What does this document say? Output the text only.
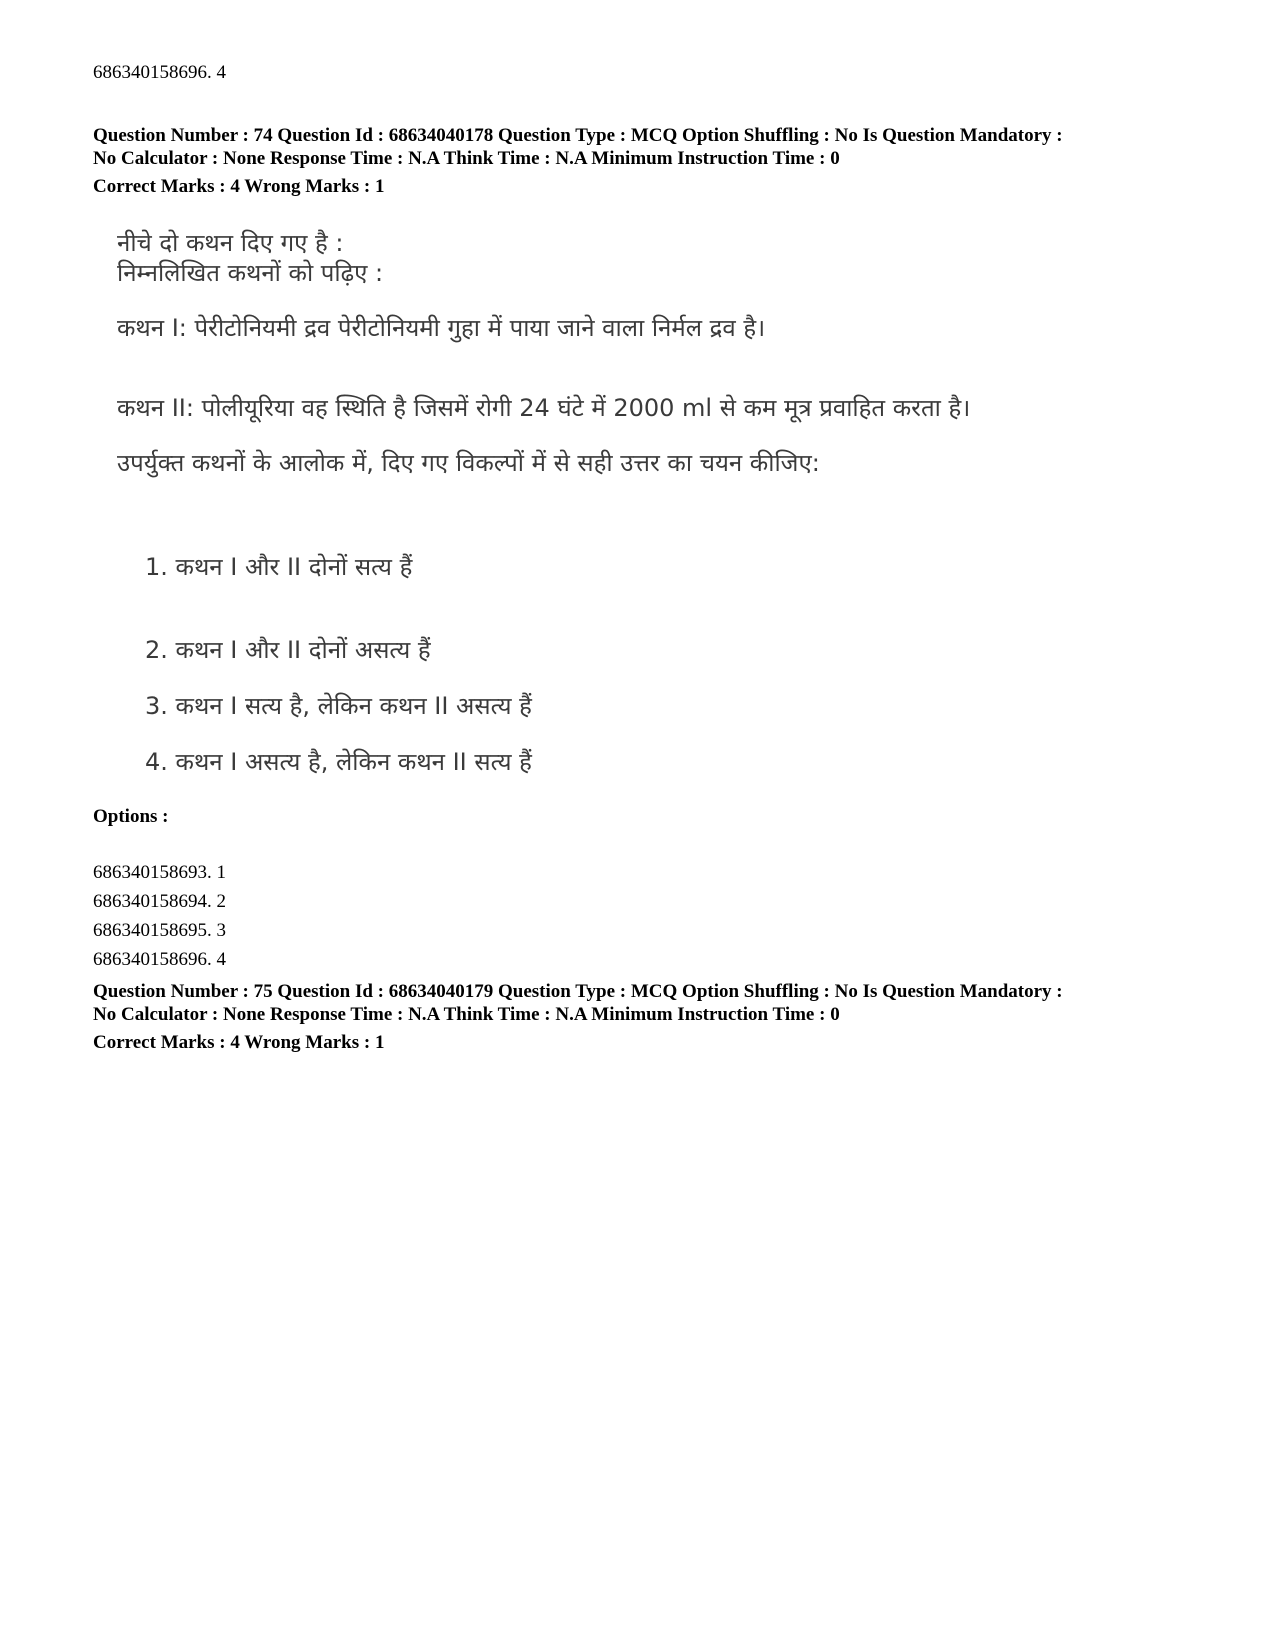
686340158696. 4
Question Number : 74 Question Id : 68634040178 Question Type : MCQ Option Shuffling : No Is Question Mandatory :
No Calculator : None Response Time : N.A Think Time : N.A Minimum Instruction Time : 0
Correct Marks : 4 Wrong Marks : 1
नीचे दो कथन दिए गए है :
निम्नलिखित कथनों को पढ़िए :
कथन I: पेरीटोनियमी द्रव पेरीटोनियमी गुहा में पाया जाने वाला निर्मल द्रव है।
कथन II: पोलीयूरिया वह स्थिति है जिसमें रोगी 24 घंटे में 2000 ml से कम मूत्र प्रवाहित करता है।
उपर्युक्त कथनों के आलोक में, दिए गए विकल्पों में से सही उत्तर का चयन कीजिए:
1. कथन I और II दोनों सत्य हैं
2. कथन I और II दोनों असत्य हैं
3. कथन I सत्य है, लेकिन कथन II असत्य हैं
4. कथन I असत्य है, लेकिन कथन II सत्य हैं
Options :
686340158693. 1
686340158694. 2
686340158695. 3
686340158696. 4
Question Number : 75 Question Id : 68634040179 Question Type : MCQ Option Shuffling : No Is Question Mandatory :
No Calculator : None Response Time : N.A Think Time : N.A Minimum Instruction Time : 0
Correct Marks : 4 Wrong Marks : 1
